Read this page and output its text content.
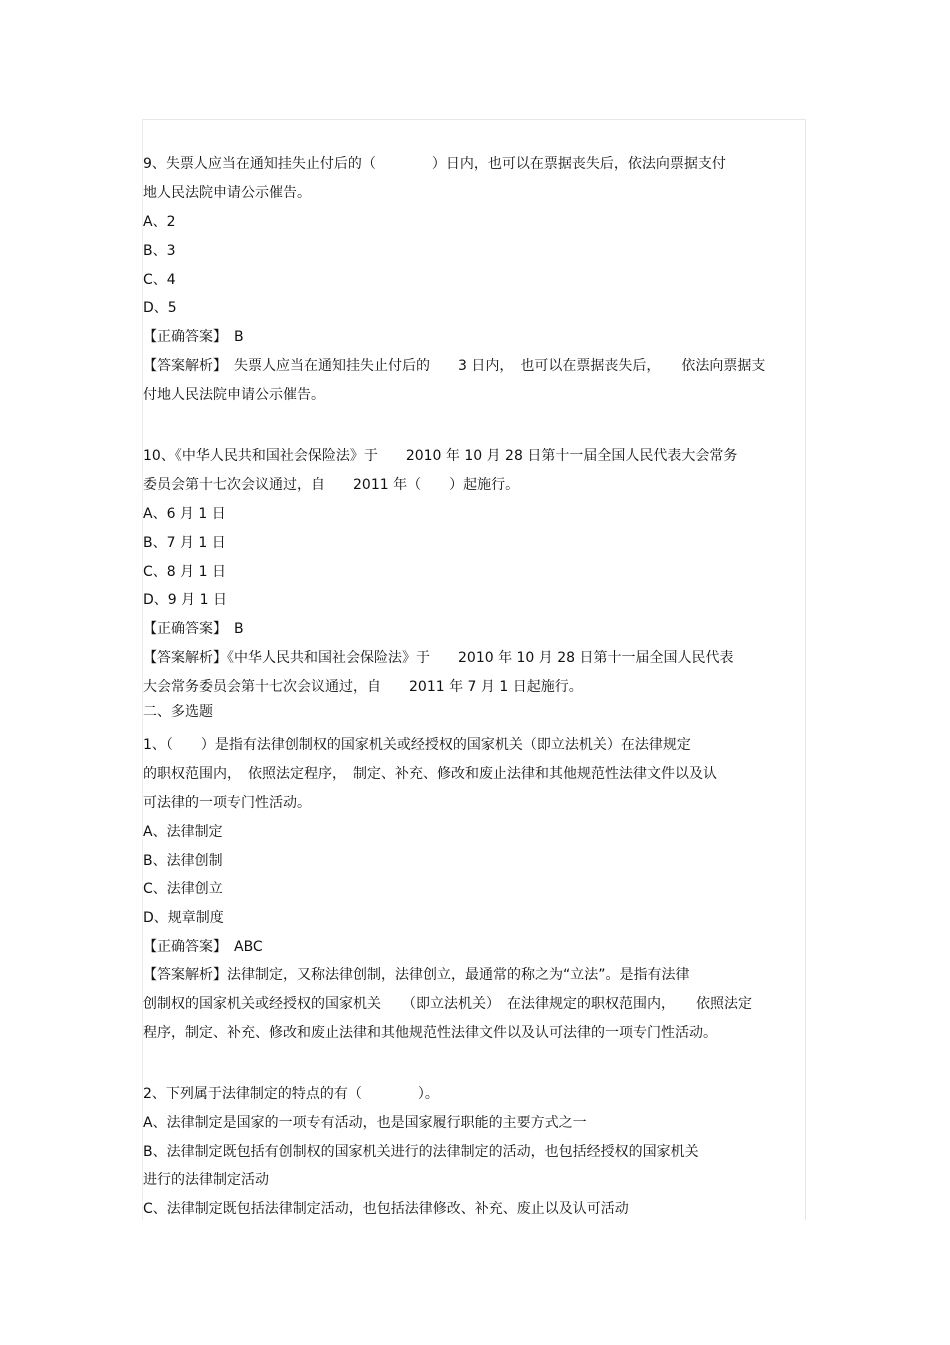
9、失票人应当在通知挂失止付后的（　　　　）日内，也可以在票据丧失后，依法向票据支付
地人民法院申请公示催告。
A、2
B、3
C、4
D、5
【正确答案】　B
【答案解析】　失票人应当在通知挂失止付后的　　3 日内，　也可以在票据丧失后，　　依法向票据支
付地人民法院申请公示催告。
10、《中华人民共和国社会保险法》于　　2010 年 10 月 28 日第十一届全国人民代表大会常务
委员会第十七次会议通过，自　　2011 年（　　）起施行。
A、6 月 1 日
B、7 月 1 日
C、8 月 1 日
D、9 月 1 日
【正确答案】　B
【答案解析】《中华人民共和国社会保险法》于　　2010 年 10 月 28 日第十一届全国人民代表
大会常务委员会第十七次会议通过，自　　2011 年 7 月 1 日起施行。
二、多选题
1、（　　）是指有法律创制权的国家机关或经授权的国家机关（即立法机关）在法律规定
的职权范围内，　依照法定程序，　制定、补充、修改和废止法律和其他规范性法律文件以及认
可法律的一项专门性活动。
A、法律制定
B、法律创制
C、法律创立
D、规章制度
【正确答案】　ABC
【答案解析】法律制定，又称法律创制，法律创立，最通常的称之为“立法”。是指有法律
创制权的国家机关或经授权的国家机关　　（即立法机关）　在法律规定的职权范围内，　　依照法定
程序，制定、补充、修改和废止法律和其他规范性法律文件以及认可法律的一项专门性活动。
2、下列属于法律制定的特点的有（　　　　）。
A、法律制定是国家的一项专有活动，也是国家履行职能的主要方式之一
B、法律制定既包括有创制权的国家机关进行的法律制定的活动，也包括经授权的国家机关
进行的法律制定活动
C、法律制定既包括法律制定活动，也包括法律修改、补充、废止以及认可活动
